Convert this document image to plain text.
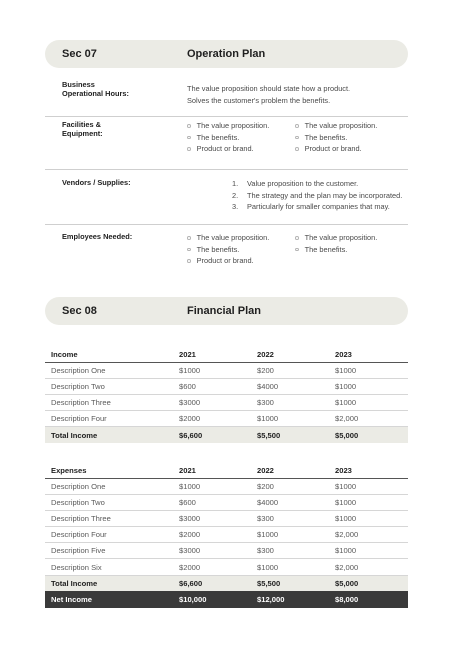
Sec 07	Operation Plan
Business
Operational Hours:
The value proposition should state how a product.
Solves the customer's problem the benefits.
Facilities &
Equipment:
The value proposition.
The benefits.
Product or brand.
The value proposition.
The benefits.
Product or brand.
Vendors / Supplies:	1.	Value proposition to the customer.
2.	The strategy and the plan may be incorporated.
3.	Particularly for smaller companies that may.
Employees Needed:	The value proposition.
The benefits.
Product or brand.
The value proposition.
The benefits.
Sec 08	Financial Plan
Income	2021	2022	2023
Description One	$1000	$200	$1000
Description Two	$600	$4000	$1000
Description Three	$3000	$300	$1000
Description Four	$2000	$1000	$2,000
Total Income	$6,600	$5,500	$5,000
Expenses	2021	2022	2023
Description One	$1000	$200	$1000
Description Two	$600	$4000	$1000
Description Three	$3000	$300	$1000
Description Four	$2000	$1000	$2,000
Description Five	$3000	$300	$1000
Description Six	$2000	$1000	$2,000
Total Income	$6,600	$5,500	$5,000
Net Income	$10,000	$12,000	$8,000
